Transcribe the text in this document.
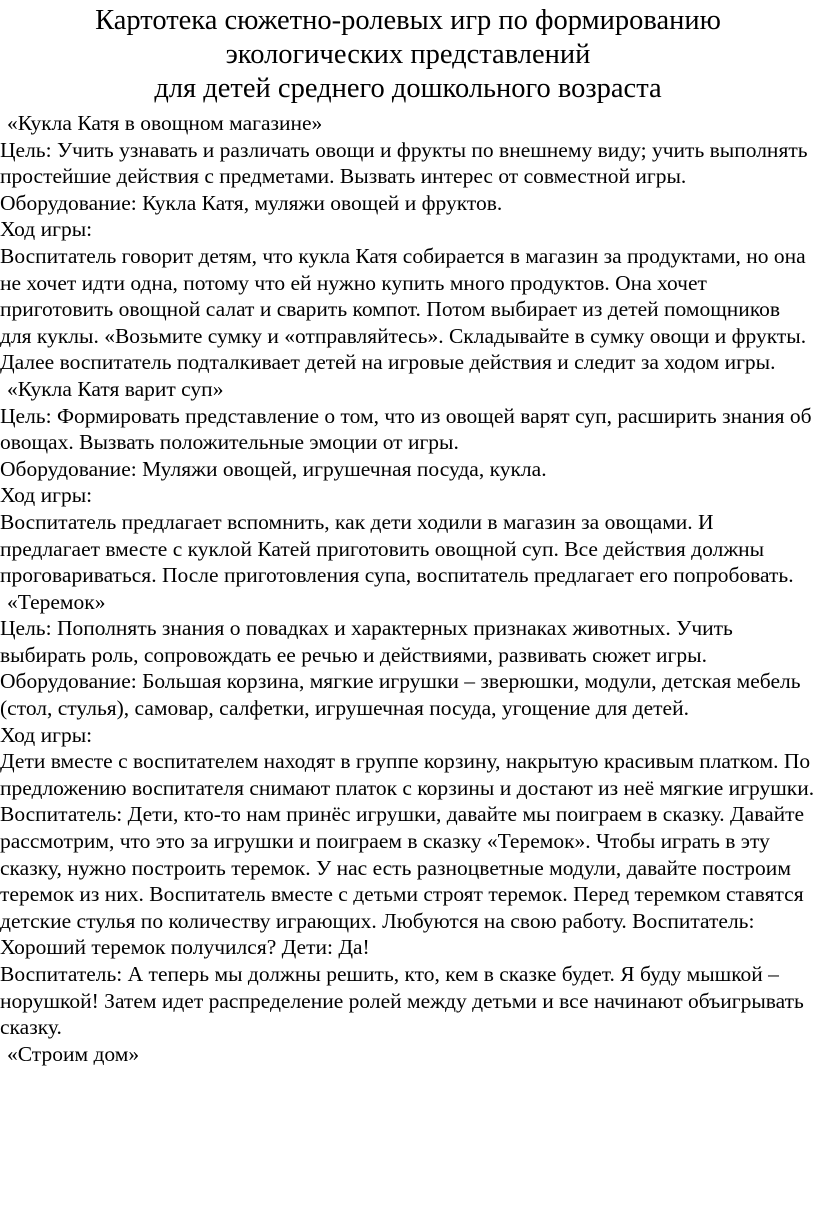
Картотека сюжетно-ролевых игр по формированию
экологических представлений
для детей среднего дошкольного возраста

«Кукла Катя в овощном магазине»

Цель: Учить узнавать и различать овощи и фрукты по внешнему виду; учить выполнять простейшие действия с предметами. Вызвать интерес от совместной игры.

Оборудование: Кукла Катя, муляжи овощей и фруктов.

Ход игры:

Воспитатель говорит детям, что кукла Катя собирается в магазин за продуктами, но она не хочет идти одна, потому что ей нужно купить много продуктов. Она хочет приготовить овощной салат и сварить компот. Потом выбирает из детей помощников для куклы. «Возьмите сумку и «отправляйтесь». Складывайте в сумку овощи и фрукты. Далее воспитатель подталкивает детей на игровые действия и следит за ходом игры.

«Кукла Катя варит суп»

Цель: Формировать представление о том, что из овощей варят суп, расширить знания об овощах. Вызвать положительные эмоции от игры.

Оборудование: Муляжи овощей, игрушечная посуда, кукла.

Ход игры:

Воспитатель предлагает вспомнить, как дети ходили в магазин за овощами. И предлагает вместе с куклой Катей приготовить овощной суп. Все действия должны проговариваться. После приготовления супа, воспитатель предлагает его попробовать.

«Теремок»

Цель: Пополнять знания о повадках и характерных признаках животных. Учить выбирать роль, сопровождать ее речью и действиями, развивать сюжет игры.

Оборудование: Большая корзина, мягкие игрушки – зверюшки, модули, детская мебель (стол, стулья), самовар, салфетки, игрушечная посуда, угощение для детей.

Ход игры:

Дети вместе с воспитателем находят в группе корзину, накрытую красивым платком. По предложению воспитателя снимают платок с корзины и достают из неё мягкие игрушки.

Воспитатель: Дети, кто-то нам принёс игрушки, давайте мы поиграем в сказку. Давайте рассмотрим, что это за игрушки и поиграем в сказку «Теремок». Чтобы играть в эту сказку, нужно построить теремок. У нас есть разноцветные модули, давайте построим теремок из них. Воспитатель вместе с детьми строят теремок. Перед теремком ставятся детские стулья по количеству играющих. Любуются на свою работу. Воспитатель: Хороший теремок получился? Дети: Да!

Воспитатель: А теперь мы должны решить, кто, кем в сказке будет. Я буду мышкой – норушкой! Затем идет распределение ролей между детьми и все начинают объигрывать сказку.

«Строим дом»
